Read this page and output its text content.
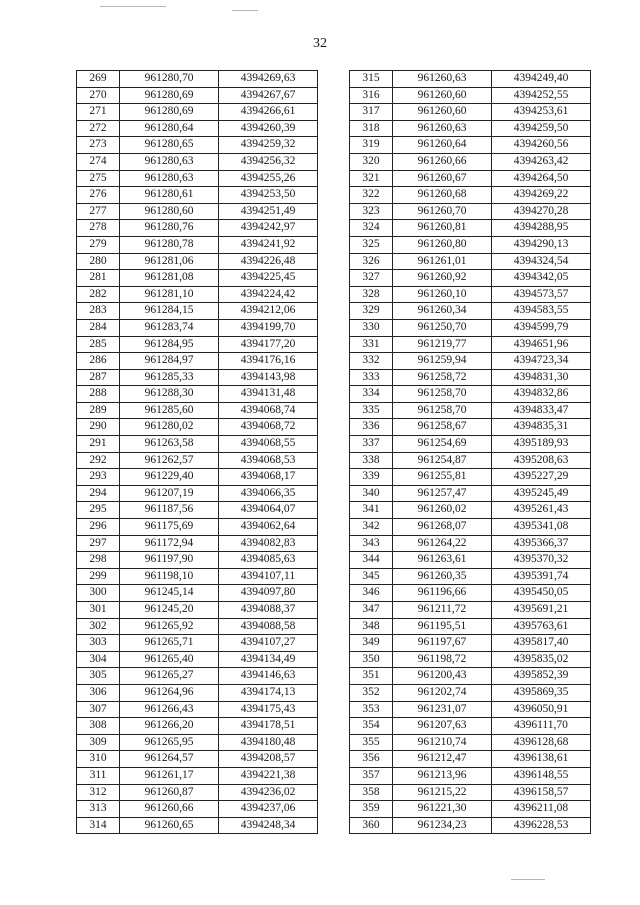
32
269	961280,70	4394269,63
270	961280,69	4394267,67
271	961280,69	4394266,61
272	961280,64	4394260,39
273	961280,65	4394259,32
274	961280,63	4394256,32
275	961280,63	4394255,26
276	961280,61	4394253,50
277	961280,60	4394251,49
278	961280,76	4394242,97
279	961280,78	4394241,92
280	961281,06	4394226,48
281	961281,08	4394225,45
282	961281,10	4394224,42
283	961284,15	4394212,06
284	961283,74	4394199,70
285	961284,95	4394177,20
286	961284,97	4394176,16
287	961285,33	4394143,98
288	961288,30	4394131,48
289	961285,60	4394068,74
290	961280,02	4394068,72
291	961263,58	4394068,55
292	961262,57	4394068,53
293	961229,40	4394068,17
294	961207,19	4394066,35
295	961187,56	4394064,07
296	961175,69	4394062,64
297	961172,94	4394082,83
298	961197,90	4394085,63
299	961198,10	4394107,11
300	961245,14	4394097,80
301	961245,20	4394088,37
302	961265,92	4394088,58
303	961265,71	4394107,27
304	961265,40	4394134,49
305	961265,27	4394146,63
306	961264,96	4394174,13
307	961266,43	4394175,43
308	961266,20	4394178,51
309	961265,95	4394180,48
310	961264,57	4394208,57
311	961261,17	4394221,38
312	961260,87	4394236,02
313	961260,66	4394237,06
314	961260,65	4394248,34
315	961260,63	4394249,40
316	961260,60	4394252,55
317	961260,60	4394253,61
318	961260,63	4394259,50
319	961260,64	4394260,56
320	961260,66	4394263,42
321	961260,67	4394264,50
322	961260,68	4394269,22
323	961260,70	4394270,28
324	961260,81	4394288,95
325	961260,80	4394290,13
326	961261,01	4394324,54
327	961260,92	4394342,05
328	961260,10	4394573,57
329	961260,34	4394583,55
330	961250,70	4394599,79
331	961219,77	4394651,96
332	961259,94	4394723,34
333	961258,72	4394831,30
334	961258,70	4394832,86
335	961258,70	4394833,47
336	961258,67	4394835,31
337	961254,69	4395189,93
338	961254,87	4395208,63
339	961255,81	4395227,29
340	961257,47	4395245,49
341	961260,02	4395261,43
342	961268,07	4395341,08
343	961264,22	4395366,37
344	961263,61	4395370,32
345	961260,35	4395391,74
346	961196,66	4395450,05
347	961211,72	4395691,21
348	961195,51	4395763,61
349	961197,67	4395817,40
350	961198,72	4395835,02
351	961200,43	4395852,39
352	961202,74	4395869,35
353	961231,07	4396050,91
354	961207,63	4396111,70
355	961210,74	4396128,68
356	961212,47	4396138,61
357	961213,96	4396148,55
358	961215,22	4396158,57
359	961221,30	4396211,08
360	961234,23	4396228,53
